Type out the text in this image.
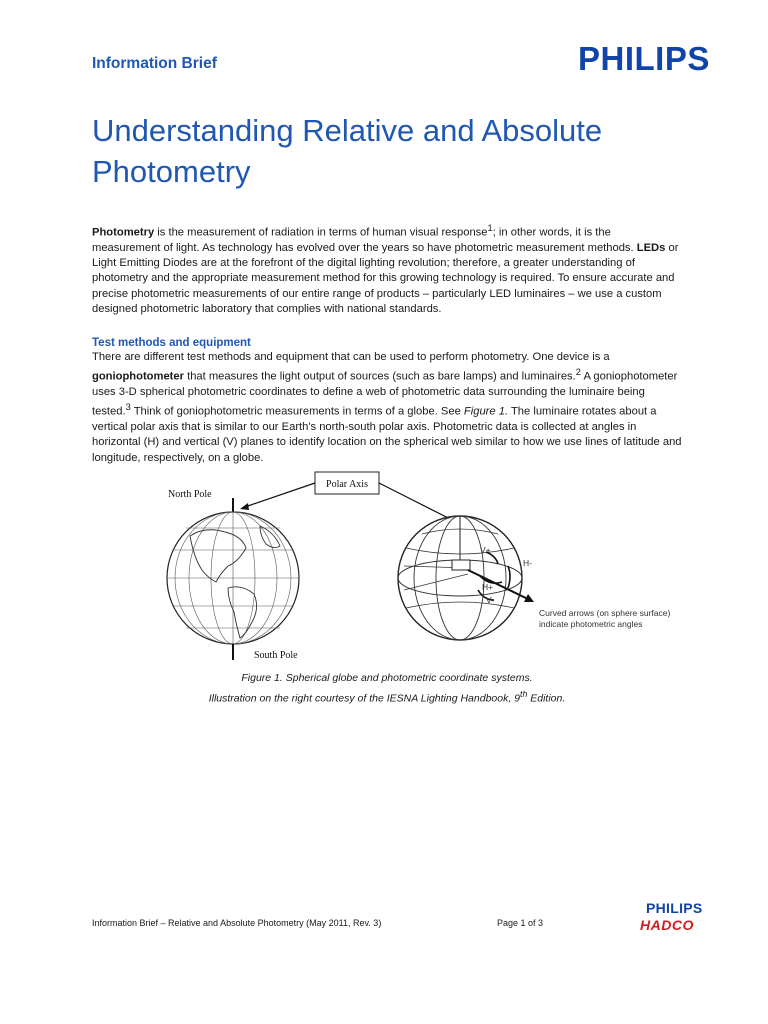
Information Brief	PHILIPS
Understanding Relative and Absolute Photometry
Photometry is the measurement of radiation in terms of human visual response$^1$; in other words, it is the measurement of light. As technology has evolved over the years so have photometric measurement methods. LEDs or Light Emitting Diodes are at the forefront of the digital lighting revolution; therefore, a greater understanding of photometry and the appropriate measurement method for this growing technology is required. To ensure accurate and precise photometric measurements of our entire range of products – particularly LED luminaires – we use a custom designed photometric laboratory that complies with national standards.
Test methods and equipment
There are different test methods and equipment that can be used to perform photometry. One device is a goniophotometer that measures the light output of sources (such as bare lamps) and luminaires.$^2$ A goniophotometer uses 3-D spherical photometric coordinates to define a web of photometric data surrounding the luminaire being tested.$^3$ Think of goniophotometric measurements in terms of a globe. See Figure 1. The luminaire rotates about a vertical polar axis that is similar to our Earth's north-south polar axis. Photometric data is collected at angles in horizontal (H) and vertical (V) planes to identify location on the spherical web similar to how we use lines of latitude and longitude, respectively, on a globe.
Polar Axis
North Pole
South Pole
V+
H-
H+
V-
Curved arrows (on sphere surface)
indicate photometric angles
Figure 1. Spherical globe and photometric coordinate systems.
Illustration on the right courtesy of the IESNA Lighting Handbook, 9th Edition.
Information Brief – Relative and Absolute Photometry (May 2011, Rev. 3)	Page 1 of 3
PHILIPS
HADCO
